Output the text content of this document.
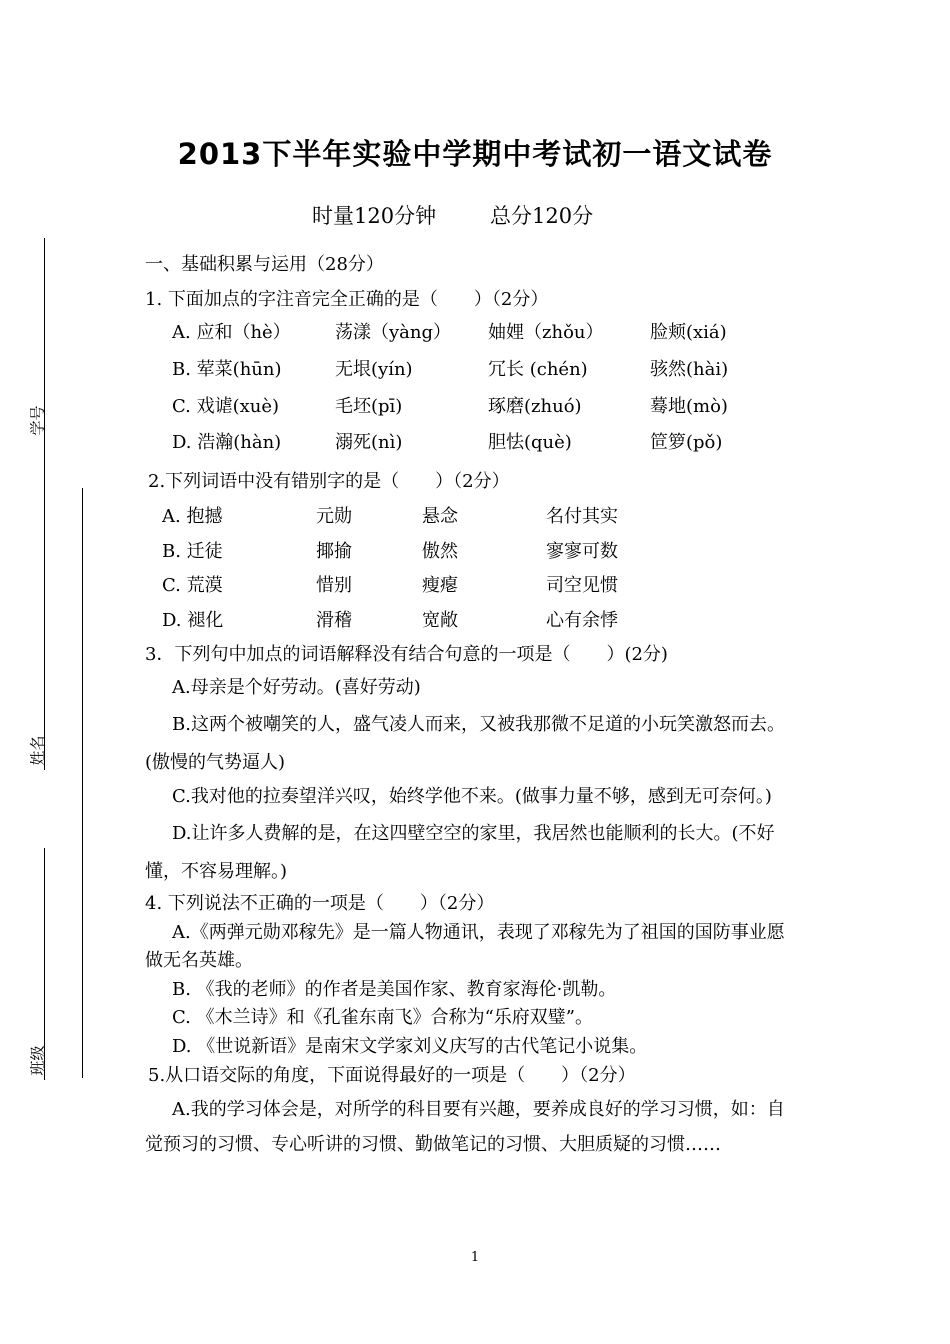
学号
姓名
班级
2013下半年实验中学期中考试初一语文试卷
时量120分钟	总分120分
一、基础积累与运用（28分）
1. 下面加点的字注音完全正确的是（　　）（2分）
A. 应和（hè） 荡漾（yàng） 妯娌（zhǒu）	脸颊(xiá)
B. 荤菜(hūn)	无垠(yín)	冗长 (chén)	骇然(hài)
C. 戏谑(xuè)	毛坯(pī)	琢磨(zhuó)	蓦地(mò)
D. 浩瀚(hàn)	溺死(nì)	胆怯(què)	笸箩(pǒ)
2.下列词语中没有错别字的是（　　）（2分）
A. 抱撼	元勋	悬念	名付其实
B. 迁徒	揶揄	傲然	寥寥可数
C. 荒漠	惜别	瘦瘪	司空见惯
D. 褪化	滑稽	宽敞	心有余悸
3．下列句中加点的词语解释没有结合句意的一项是（　　）(2分)
A.母亲是个好劳动。(喜好劳动)
B.这两个被嘲笑的人，盛气凌人而来，又被我那微不足道的小玩笑激怒而去。
(傲慢的气势逼人)
C.我对他的拉奏望洋兴叹，始终学他不来。(做事力量不够，感到无可奈何。)
D.让许多人费解的是，在这四壁空空的家里，我居然也能顺利的长大。(不好
懂，不容易理解。)
4. 下列说法不正确的一项是（　　）（2分）
A.《两弹元勋邓稼先》是一篇人物通讯，表现了邓稼先为了祖国的国防事业愿
做无名英雄。
B. 《我的老师》的作者是美国作家、教育家海伦·凯勒。
C. 《木兰诗》和《孔雀东南飞》合称为“乐府双璧”。
D. 《世说新语》是南宋文学家刘义庆写的古代笔记小说集。
5.从口语交际的角度，下面说得最好的一项是（　　）（2分）
A.我的学习体会是，对所学的科目要有兴趣，要养成良好的学习习惯，如：自
觉预习的习惯、专心听讲的习惯、勤做笔记的习惯、大胆质疑的习惯……
1
